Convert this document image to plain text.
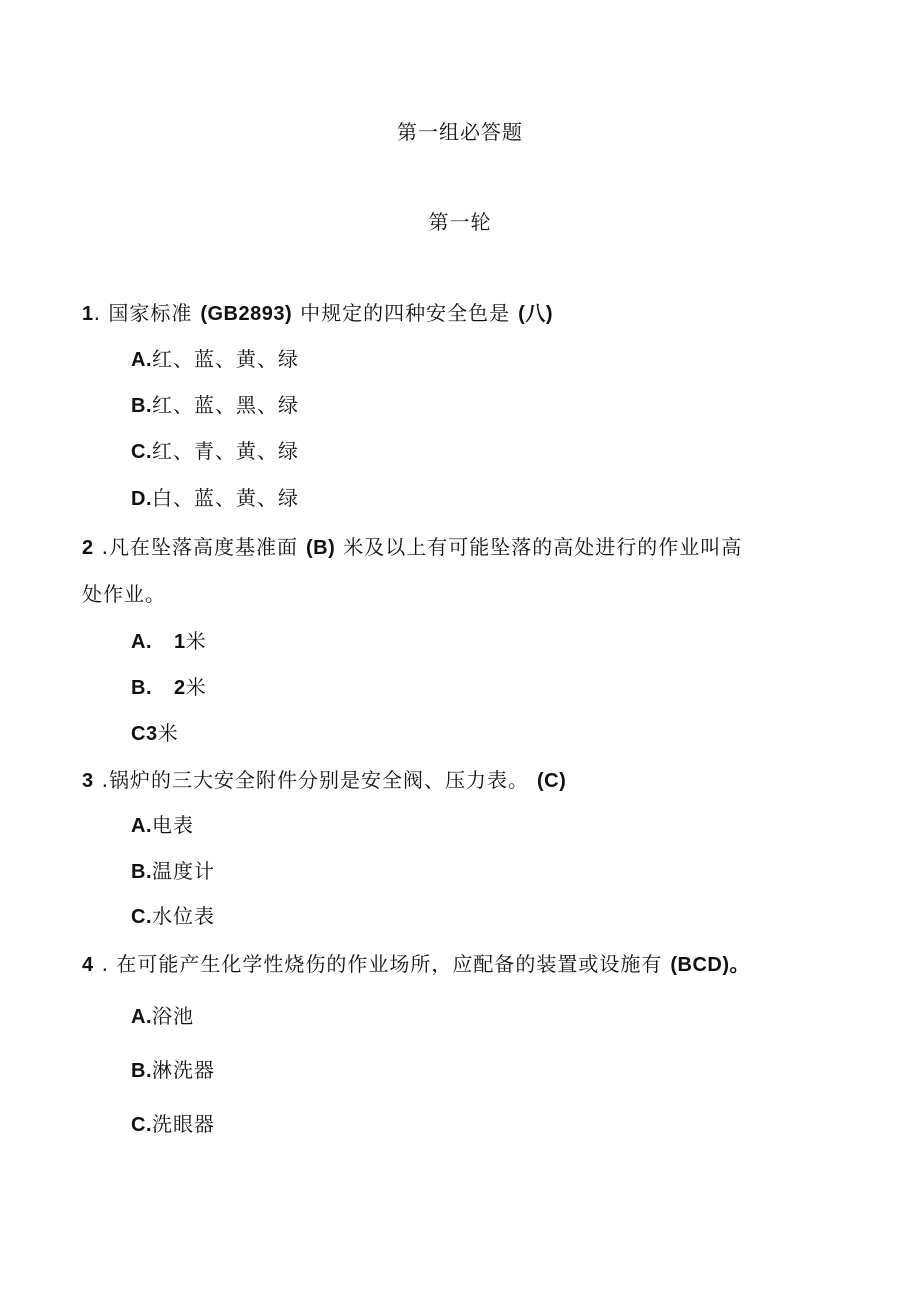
第一组必答题
第一轮
1. 国家标准 (GB2893) 中规定的四种安全色是 (八)
A.红、蓝、黄、绿
B.红、蓝、黑、绿
C.红、青、黄、绿
D.白、蓝、黄、绿
2 .凡在坠落高度基准面 (B) 米及以上有可能坠落的高处进行的作业叫高
处作业。
A. 1米
B. 2米
C3米
3 .锅炉的三大安全附件分别是安全阀、压力表。 (C)
A.电表
B.温度计
C.水位表
4 . 在可能产生化学性烧伤的作业场所，应配备的装置或设施有 (BCD)。
A.浴池
B.淋洗器
C.洗眼器
